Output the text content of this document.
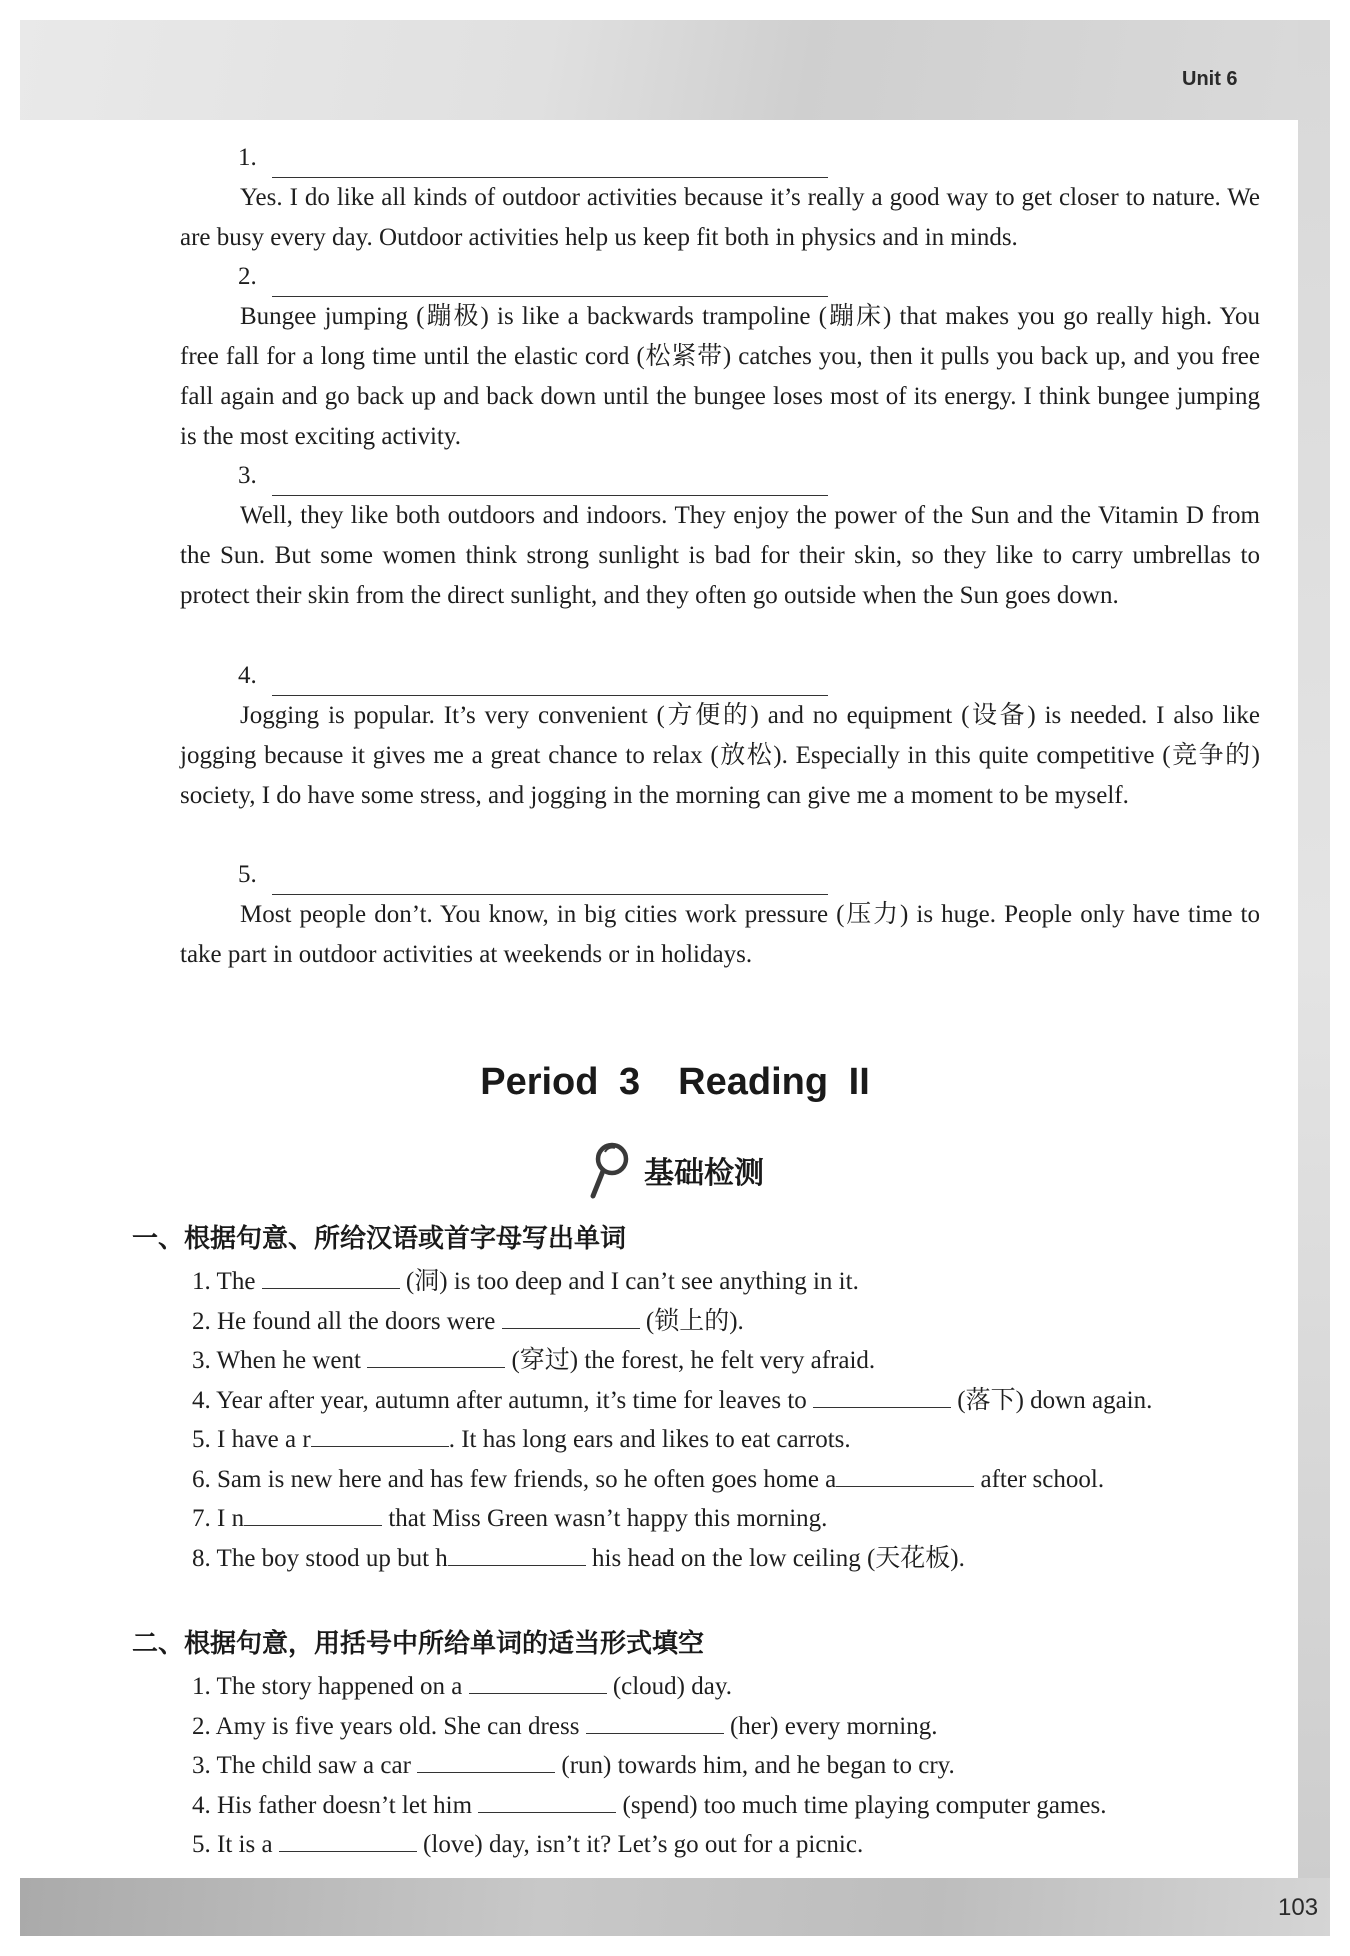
Unit 6
1.

Yes. I do like all kinds of outdoor activities because it’s really a good way to get closer to nature. We are busy every day. Outdoor activities help us keep fit both in physics and in minds.

2.

Bungee jumping (蹦极) is like a backwards trampoline (蹦床) that makes you go really high. You free fall for a long time until the elastic cord (松紧带) catches you, then it pulls you back up, and you free fall again and go back up and back down until the bungee loses most of its energy. I think bungee jumping is the most exciting activity.

3.

Well, they like both outdoors and indoors. They enjoy the power of the Sun and the Vitamin D from the Sun. But some women think strong sunlight is bad for their skin, so they like to carry umbrellas to protect their skin from the direct sunlight, and they often go outside when the Sun goes down.

4.

Jogging is popular. It’s very convenient (方便的) and no equipment (设备) is needed. I also like jogging because it gives me a great chance to relax (放松). Especially in this quite competitive (竞争的) society, I do have some stress, and jogging in the morning can give me a moment to be myself.

5.

Most people don’t. You know, in big cities work pressure (压力) is huge. People only have time to take part in outdoor activities at weekends or in holidays.

Period 3　Reading II
基础检测
一、根据句意、所给汉语或首字母写出单词
1. The	(洞) is too deep and I can’t see anything in it.
2. He found all the doors were	(锁上的).
3. When he went	(穿过) the forest, he felt very afraid.
4. Year after year, autumn after autumn, it’s time for leaves to	(落下) down again.
5. I have a r	. It has long ears and likes to eat carrots.
6. Sam is new here and has few friends, so he often goes home a	after school.
7. I n	that Miss Green wasn’t happy this morning.
8. The boy stood up but h	his head on the low ceiling (天花板).
二、根据句意，用括号中所给单词的适当形式填空
1. The story happened on a	(cloud) day.
2. Amy is five years old. She can dress	(her) every morning.
3. The child saw a car	(run) towards him, and he began to cry.
4. His father doesn’t let him	(spend) too much time playing computer games.
5. It is a	(love) day, isn’t it? Let’s go out for a picnic.
103
